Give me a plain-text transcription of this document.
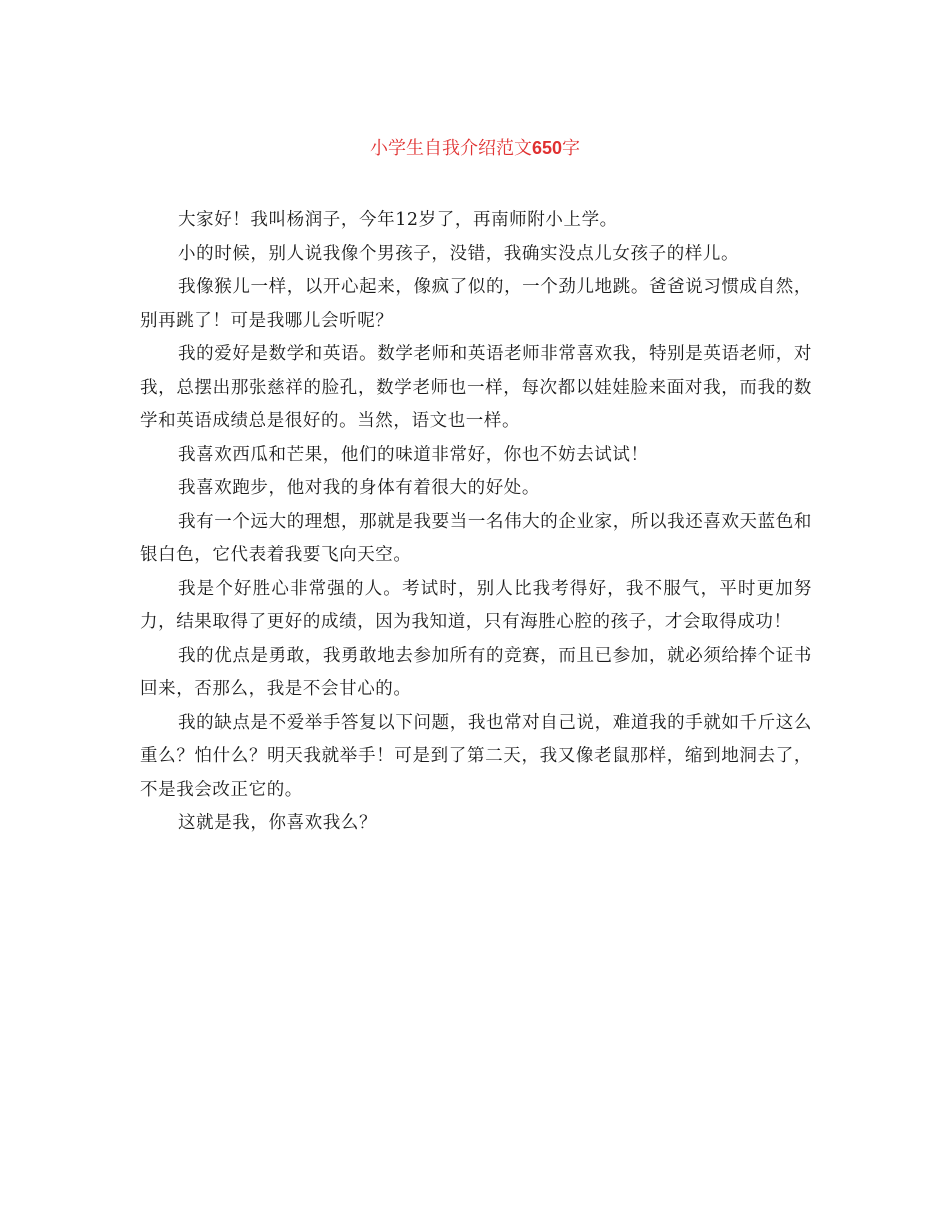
小学生自我介绍范文650字

大家好！我叫杨润子，今年12岁了，再南师附小上学。

小的时候，别人说我像个男孩子，没错，我确实没点儿女孩子的样儿。

我像猴儿一样，以开心起来，像疯了似的，一个劲儿地跳。爸爸说习惯成自然，别再跳了！可是我哪儿会听呢？

我的爱好是数学和英语。数学老师和英语老师非常喜欢我，特别是英语老师，对我，总摆出那张慈祥的脸孔，数学老师也一样，每次都以娃娃脸来面对我，而我的数学和英语成绩总是很好的。当然，语文也一样。

我喜欢西瓜和芒果，他们的味道非常好，你也不妨去试试！

我喜欢跑步，他对我的身体有着很大的好处。

我有一个远大的理想，那就是我要当一名伟大的企业家，所以我还喜欢天蓝色和银白色，它代表着我要飞向天空。

我是个好胜心非常强的人。考试时，别人比我考得好，我不服气，平时更加努力，结果取得了更好的成绩，因为我知道，只有海胜心腔的孩子，才会取得成功！

我的优点是勇敢，我勇敢地去参加所有的竞赛，而且已参加，就必须给捧个证书回来，否那么，我是不会甘心的。

我的缺点是不爱举手答复以下问题，我也常对自己说，难道我的手就如千斤这么重么？怕什么？明天我就举手！可是到了第二天，我又像老鼠那样，缩到地洞去了，不是我会改正它的。

这就是我，你喜欢我么？
